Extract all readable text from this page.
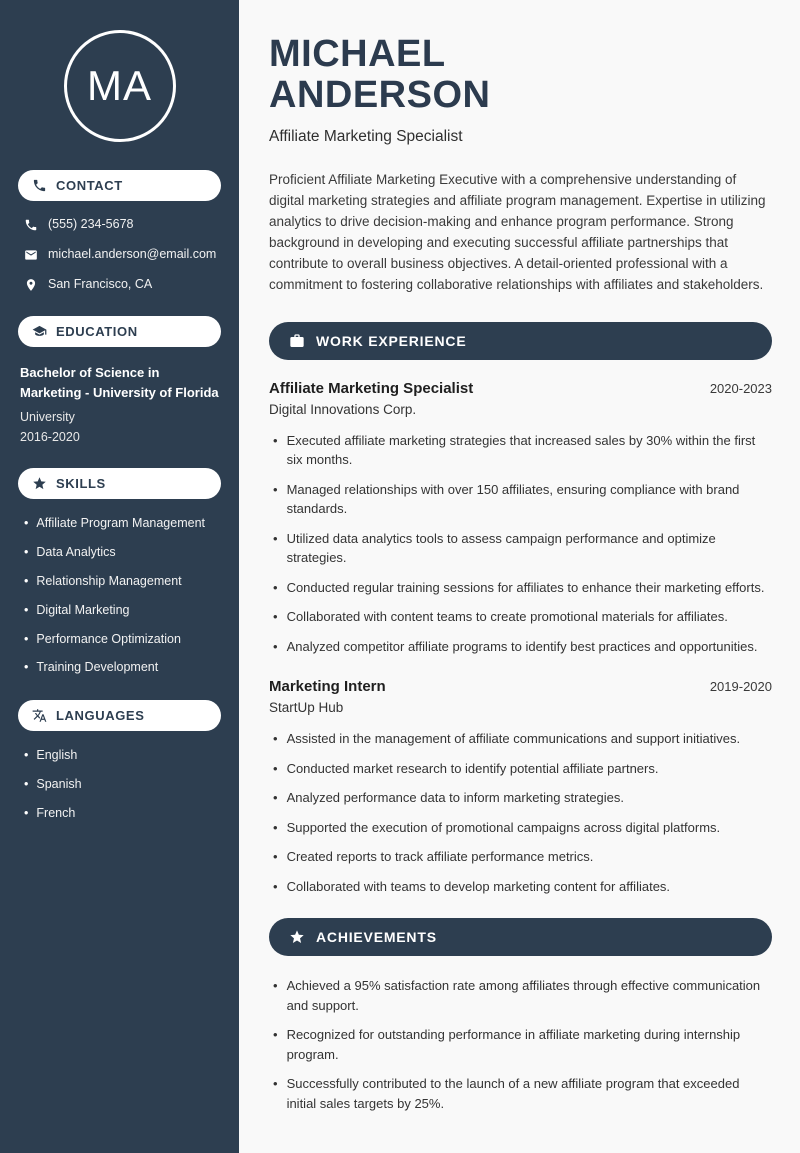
MA
CONTACT
(555) 234-5678
michael.anderson@email.com
San Francisco, CA
EDUCATION
Bachelor of Science in Marketing - University of Florida
University
2016-2020
SKILLS
• Affiliate Program Management
• Data Analytics
• Relationship Management
• Digital Marketing
• Performance Optimization
• Training Development
LANGUAGES
• English
• Spanish
• French
MICHAEL
ANDERSON
Affiliate Marketing Specialist

Proficient Affiliate Marketing Executive with a comprehensive understanding of digital marketing strategies and affiliate program management. Expertise in utilizing analytics to drive decision-making and enhance program performance. Strong background in developing and executing successful affiliate partnerships that contribute to overall business objectives. A detail-oriented professional with a commitment to fostering collaborative relationships with affiliates and stakeholders.

WORK EXPERIENCE
Affiliate Marketing Specialist	2020-2023
Digital Innovations Corp.
• Executed affiliate marketing strategies that increased sales by 30% within the first six months.
• Managed relationships with over 150 affiliates, ensuring compliance with brand standards.
• Utilized data analytics tools to assess campaign performance and optimize strategies.
• Conducted regular training sessions for affiliates to enhance their marketing efforts.
• Collaborated with content teams to create promotional materials for affiliates.
• Analyzed competitor affiliate programs to identify best practices and opportunities.
Marketing Intern	2019-2020
StartUp Hub
• Assisted in the management of affiliate communications and support initiatives.
• Conducted market research to identify potential affiliate partners.
• Analyzed performance data to inform marketing strategies.
• Supported the execution of promotional campaigns across digital platforms.
• Created reports to track affiliate performance metrics.
• Collaborated with teams to develop marketing content for affiliates.
ACHIEVEMENTS
• Achieved a 95% satisfaction rate among affiliates through effective communication and support.
• Recognized for outstanding performance in affiliate marketing during internship program.
• Successfully contributed to the launch of a new affiliate program that exceeded initial sales targets by 25%.
